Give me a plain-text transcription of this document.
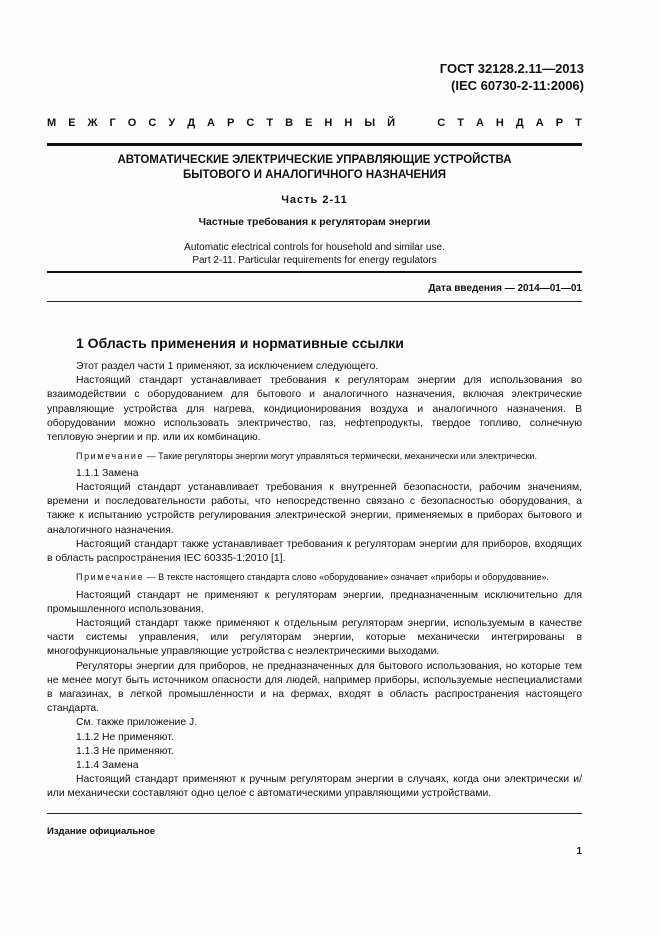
ГОСТ 32128.2.11—2013
(IEC 60730-2-11:2006)
М Е Ж Г О С У Д А Р С Т В Е Н Н Ы Й

	С Т А Н Д А Р Т
АВТОМАТИЧЕСКИЕ ЭЛЕКТРИЧЕСКИЕ УПРАВЛЯЮЩИЕ УСТРОЙСТВА
БЫТОВОГО И АНАЛОГИЧНОГО НАЗНАЧЕНИЯ
Часть 2-11
Частные требования к регуляторам энергии
Automatic electrical controls for household and similar use.
Part 2-11. Particular requirements for energy regulators
Дата введения — 2014—01—01
1 Область применения и нормативные ссылки

Этот раздел части 1 применяют, за исключением следующего.

Настоящий стандарт устанавливает требования к регуляторам энергии для использования во взаимодействии с оборудованием для бытового и аналогичного назначения, включая электрические управляющие устройства для нагрева, кондиционирования воздуха и аналогичного назначения. В оборудовании можно использовать электричество, газ, нефтепродукты, твердое топливо, солнечную тепловую энергии и пр. или их комбинацию.

Примечание — Такие регуляторы энергии могут управляться термически, механически или электрически.

1.1.1 Замена

Настоящий стандарт устанавливает требования к внутренней безопасности, рабочим значениям, времени и последовательности работы, что непосредственно связано с безопасностью оборудования, а также к испытанию устройств регулирования электрической энергии, применяемых в приборах бытового и аналогичного назначения.

Настоящий стандарт также устанавливает требования к регуляторам энергии для приборов, входящих в область распространения IEC 60335-1:2010 [1].

Примечание — В тексте настоящего стандарта слово «оборудование» означает «приборы и оборудование».

Настоящий стандарт не применяют к регуляторам энергии, предназначенным исключительно для промышленного использования.

Настоящий стандарт также применяют к отдельным регуляторам энергии, используемым в качестве части системы управления, или регуляторам энергии, которые механически интегрированы в многофункциональные управляющие устройства с неэлектрическими выходами.

Регуляторы энергии для приборов, не предназначенных для бытового использования, но которые тем не менее могут быть источником опасности для людей, например приборы, используемые неспециалистами в магазинах, в легкой промышленности и на фермах, входят в область распространения настоящего стандарта.

См. также приложение J.

1.1.2 Не применяют.

1.1.3 Не применяют.

1.1.4 Замена

Настоящий стандарт применяют к ручным регуляторам энергии в случаях, когда они электрически и/или механически составляют одно целое с автоматическими управляющими устройствами.

Издание официальное
1
